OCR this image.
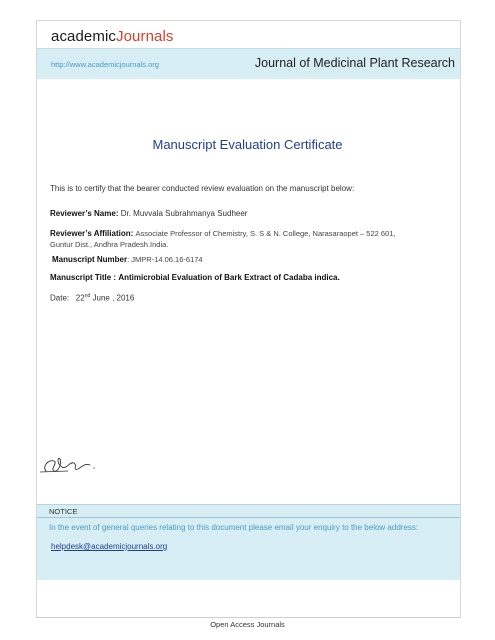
academicJournals
http://www.academicjournals.org	Journal of Medicinal Plant Research
Manuscript Evaluation Certificate
This is to certify that the bearer conducted review evaluation on the manuscript below:
Reviewer’s Name: Dr. Muvvala Subrahmanya Sudheer
Reviewer’s Affiliation: Associate Professor of Chemistry, S. S & N. College, Narasaraopet – 522 601,
Guntur Dist., Andhra Pradesh.India.
Manuscript Number: JMPR-14.06.16-6174
Manuscript Title : Antimicrobial Evaluation of Bark Extract of Cadaba indica.
Date: 22nd June , 2016
NOTICE
In the event of general queries relating to this document please email your enquiry to the below address:
helpdesk@academicjournals.org
Open Access Journals
